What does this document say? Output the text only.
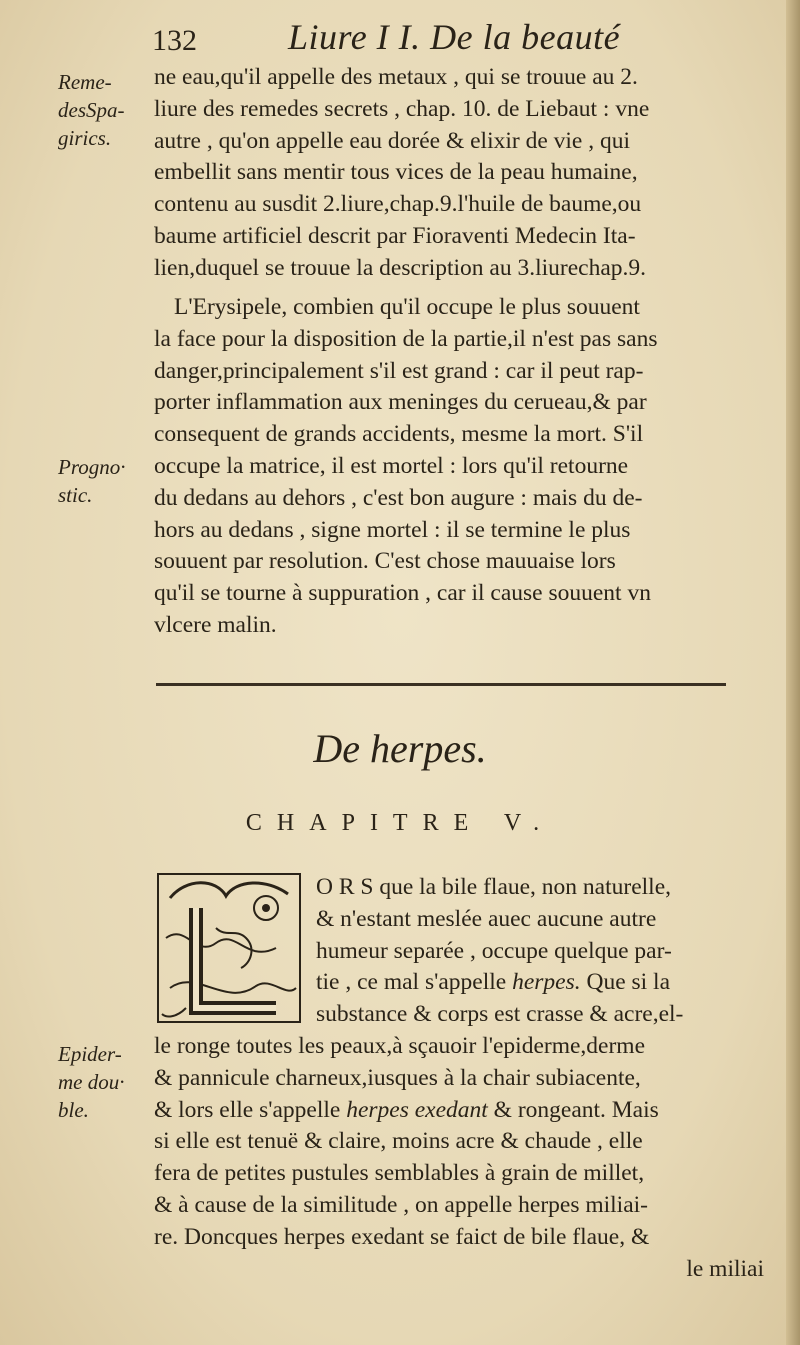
132	Liure I I. De la beauté
Reme-
desSpa-
girics.
Progno·
stic.
Epider-
me dou·
ble.
ne eau,qu'il appelle des metaux , qui se trouue au 2.
liure des remedes secrets , chap. 10. de Liebaut : vne
autre , qu'on appelle eau dorée & elixir de vie , qui
embellit sans mentir tous vices de la peau humaine,
contenu au susdit 2.liure,chap.9.l'huile de baume,ou
baume artificiel descrit par Fioraventi Medecin Ita-
lien,duquel se trouue la description au 3.liurechap.9.
L'Erysipele, combien qu'il occupe le plus souuent
la face pour la disposition de la partie,il n'est pas sans
danger,principalement s'il est grand : car il peut rap-
porter inflammation aux meninges du cerueau,& par
consequent de grands accidents, mesme la mort. S'il
occupe la matrice, il est mortel : lors qu'il retourne
du dedans au dehors , c'est bon augure : mais du de-
hors au dedans , signe mortel : il se termine le plus
souuent par resolution. C'est chose mauuaise lors
qu'il se tourne à suppuration , car il cause souuent vn
vlcere malin.
De herpes.
CHAPITRE V.
O R S que la bile flaue, non naturelle,
& n'estant meslée auec aucune autre
humeur separée , occupe quelque par-
tie , ce mal s'appelle herpes. Que si la
substance & corps est crasse & acre,el-
le ronge toutes les peaux,à sçauoir l'epiderme,derme
& pannicule charneux,iusques à la chair subiacente,
& lors elle s'appelle herpes exedant & rongeant. Mais
si elle est tenuë & claire, moins acre & chaude , elle
fera de petites pustules semblables à grain de millet,
& à cause de la similitude , on appelle herpes miliai-
re. Doncques herpes exedant se faict de bile flaue, &
le miliai
